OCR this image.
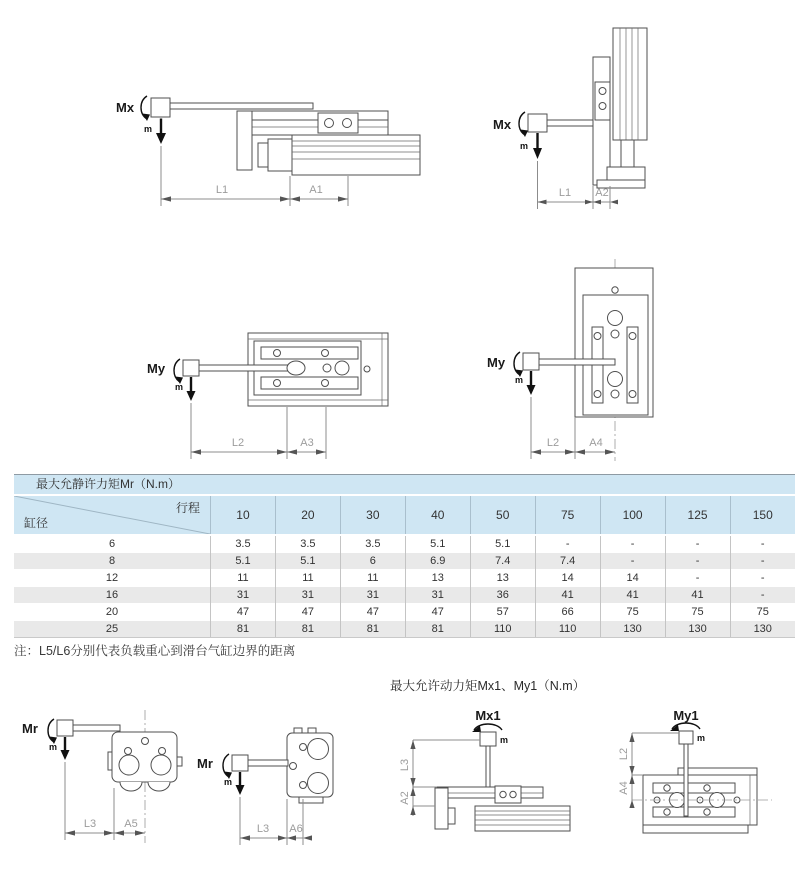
Mx
m
L1	A1
Mx
m
L1 A2
My
m
L2	A3
My
m
L2	A4
Mr
m
L3	A5
Mr
m
L3 A6
Mx1
m
L3
A2
My1
m
L2
A4
最大允静许力矩Mr（N.m）
行程
缸径	10	20	30	40	50	75	100	125	150
6	3.5	3.5	3.5	5.1	5.1	-	-	-	-
8	5.1	5.1	6	6.9	7.4	7.4	-	-	-
12	11	11	11	13	13	14	14	-	-
16	31	31	31	31	36	41	41	41	-
20	47	47	47	47	57	66	75	75	75
25	81	81	81	81	110	110	130	130	130
注：L5/L6分别代表负载重心到滑台气缸边界的距离
最大允许动力矩Mx1、My1（N.m）
